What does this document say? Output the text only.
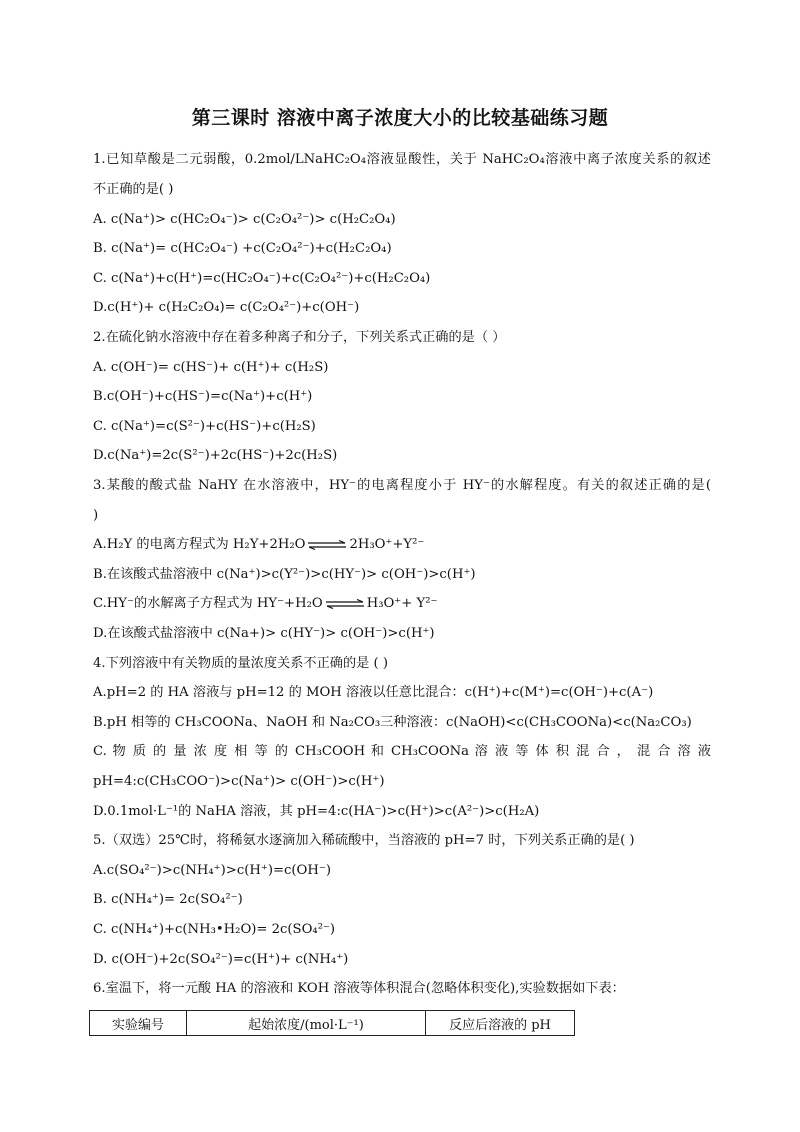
第三课时 溶液中离子浓度大小的比较基础练习题
1.已知草酸是二元弱酸，0.2mol/LNaHC₂O₄溶液显酸性，关于 NaHC₂O₄溶液中离子浓度关系的叙述
不正确的是( )
A. c(Na⁺)> c(HC₂O₄⁻)> c(C₂O₄²⁻)> c(H₂C₂O₄)
B. c(Na⁺)= c(HC₂O₄⁻) +c(C₂O₄²⁻)+c(H₂C₂O₄)
C. c(Na⁺)+c(H⁺)=c(HC₂O₄⁻)+c(C₂O₄²⁻)+c(H₂C₂O₄)
D.c(H⁺)+ c(H₂C₂O₄)= c(C₂O₄²⁻)+c(OH⁻)
2.在硫化钠水溶液中存在着多种离子和分子，下列关系式正确的是（ ）
A. c(OH⁻)= c(HS⁻)+ c(H⁺)+ c(H₂S)
B.c(OH⁻)+c(HS⁻)=c(Na⁺)+c(H⁺)
C. c(Na⁺)=c(S²⁻)+c(HS⁻)+c(H₂S)
D.c(Na⁺)=2c(S²⁻)+2c(HS⁻)+2c(H₂S)
3.某酸的酸式盐 NaHY 在水溶液中，HY⁻的电离程度小于 HY⁻的水解程度。有关的叙述正确的是(
)
A.H₂Y 的电离方程式为 H₂Y+2H₂O ⇌ 2H₃O⁺+Y²⁻
B.在该酸式盐溶液中 c(Na⁺)>c(Y²⁻)>c(HY⁻)> c(OH⁻)>c(H⁺)
C.HY⁻的水解离子方程式为 HY⁻+H₂O ⇌ H₃O⁺+ Y²⁻
D.在该酸式盐溶液中 c(Na+)> c(HY⁻)> c(OH⁻)>c(H⁺)
4.下列溶液中有关物质的量浓度关系不正确的是 ( )
A.pH=2 的 HA 溶液与 pH=12 的 MOH 溶液以任意比混合：c(H⁺)+c(M⁺)=c(OH⁻)+c(A⁻)
B.pH 相等的 CH₃COONa、NaOH 和 Na₂CO₃三种溶液：c(NaOH)<c(CH₃COONa)<c(Na₂CO₃)
C. 物 质 的 量 浓 度 相 等 的 CH₃COOH 和 CH₃COONa 溶 液 等 体 积 混 合 ， 混 合 溶 液
pH=4:c(CH₃COO⁻)>c(Na⁺)> c(OH⁻)>c(H⁺)
D.0.1mol·L⁻¹的 NaHA 溶液，其 pH=4:c(HA⁻)>c(H⁺)>c(A²⁻)>c(H₂A)
5.（双选）25℃时，将稀氨水逐滴加入稀硫酸中，当溶液的 pH=7 时，下列关系正确的是( )
A.c(SO₄²⁻)>c(NH₄⁺)>c(H⁺)=c(OH⁻)
B. c(NH₄⁺)= 2c(SO₄²⁻)
C. c(NH₄⁺)+c(NH₃•H₂O)= 2c(SO₄²⁻)
D. c(OH⁻)+2c(SO₄²⁻)=c(H⁺)+ c(NH₄⁺)
6.室温下，将一元酸 HA 的溶液和 KOH 溶液等体积混合(忽略体积变化),实验数据如下表：
实验编号	起始浓度/(mol·L⁻¹)	反应后溶液的 pH
